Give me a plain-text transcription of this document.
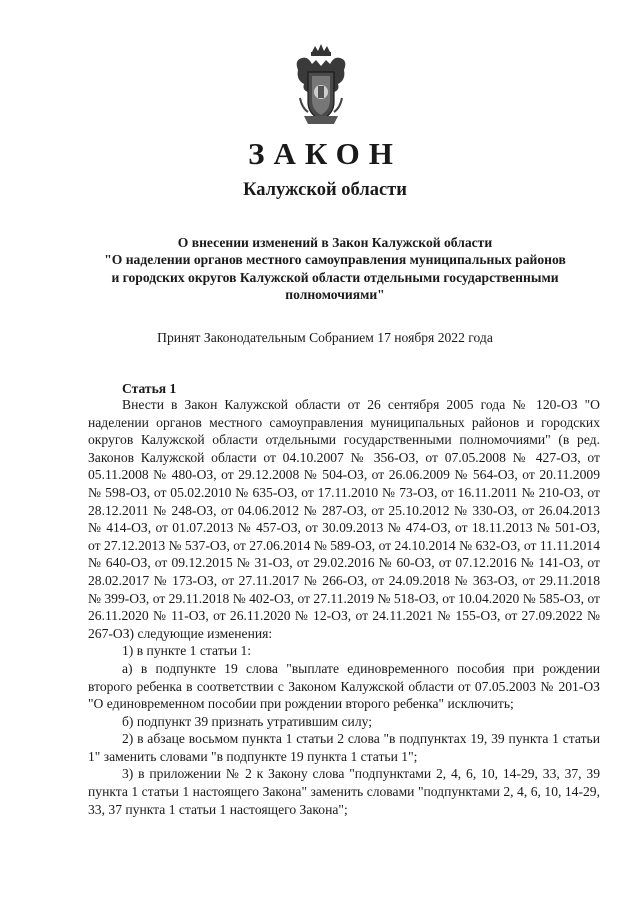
ЗАКОН
Калужской области
О внесении изменений в Закон Калужской области
"О наделении органов местного самоуправления муниципальных районов
и городских округов Калужской области отдельными государственными
полномочиями"
Принят Законодательным Собранием 17 ноября 2022 года
Статья 1

Внести в Закон Калужской области от 26 сентября 2005 года № 120-ОЗ "О наделении органов местного самоуправления муниципальных районов и городских округов Калужской области отдельными государственными полномочиями" (в ред. Законов Калужской области от 04.10.2007 № 356-ОЗ, от 07.05.2008 № 427-ОЗ, от 05.11.2008 № 480-ОЗ, от 29.12.2008 № 504-ОЗ, от 26.06.2009 № 564-ОЗ, от 20.11.2009 № 598-ОЗ, от 05.02.2010 № 635-ОЗ, от 17.11.2010 № 73-ОЗ, от 16.11.2011 № 210-ОЗ, от 28.12.2011 № 248-ОЗ, от 04.06.2012 № 287-ОЗ, от 25.10.2012 № 330-ОЗ, от 26.04.2013 № 414-ОЗ, от 01.07.2013 № 457-ОЗ, от 30.09.2013 № 474-ОЗ, от 18.11.2013 № 501-ОЗ, от 27.12.2013 № 537-ОЗ, от 27.06.2014 № 589-ОЗ, от 24.10.2014 № 632-ОЗ, от 11.11.2014 № 640-ОЗ, от 09.12.2015 № 31-ОЗ, от 29.02.2016 № 60-ОЗ, от 07.12.2016 № 141-ОЗ, от 28.02.2017 № 173-ОЗ, от 27.11.2017 № 266-ОЗ, от 24.09.2018 № 363-ОЗ, от 29.11.2018 № 399-ОЗ, от 29.11.2018 № 402-ОЗ, от 27.11.2019 № 518-ОЗ, от 10.04.2020 № 585-ОЗ, от 26.11.2020 № 11-ОЗ, от 26.11.2020 № 12-ОЗ, от 24.11.2021 № 155-ОЗ, от 27.09.2022 № 267-ОЗ) следующие изменения:

1) в пункте 1 статьи 1:

а) в подпункте 19 слова "выплате единовременного пособия при рождении второго ребенка в соответствии с Законом Калужской области от 07.05.2003 № 201-ОЗ "О единовременном пособии при рождении второго ребенка" исключить;

б) подпункт 39 признать утратившим силу;

2) в абзаце восьмом пункта 1 статьи 2 слова "в подпунктах 19, 39 пункта 1 статьи 1" заменить словами "в подпункте 19 пункта 1 статьи 1";

3) в приложении № 2 к Закону слова "подпунктами 2, 4, 6, 10, 14-29, 33, 37, 39 пункта 1 статьи 1 настоящего Закона" заменить словами "подпунктами 2, 4, 6, 10, 14-29, 33, 37 пункта 1 статьи 1 настоящего Закона";
